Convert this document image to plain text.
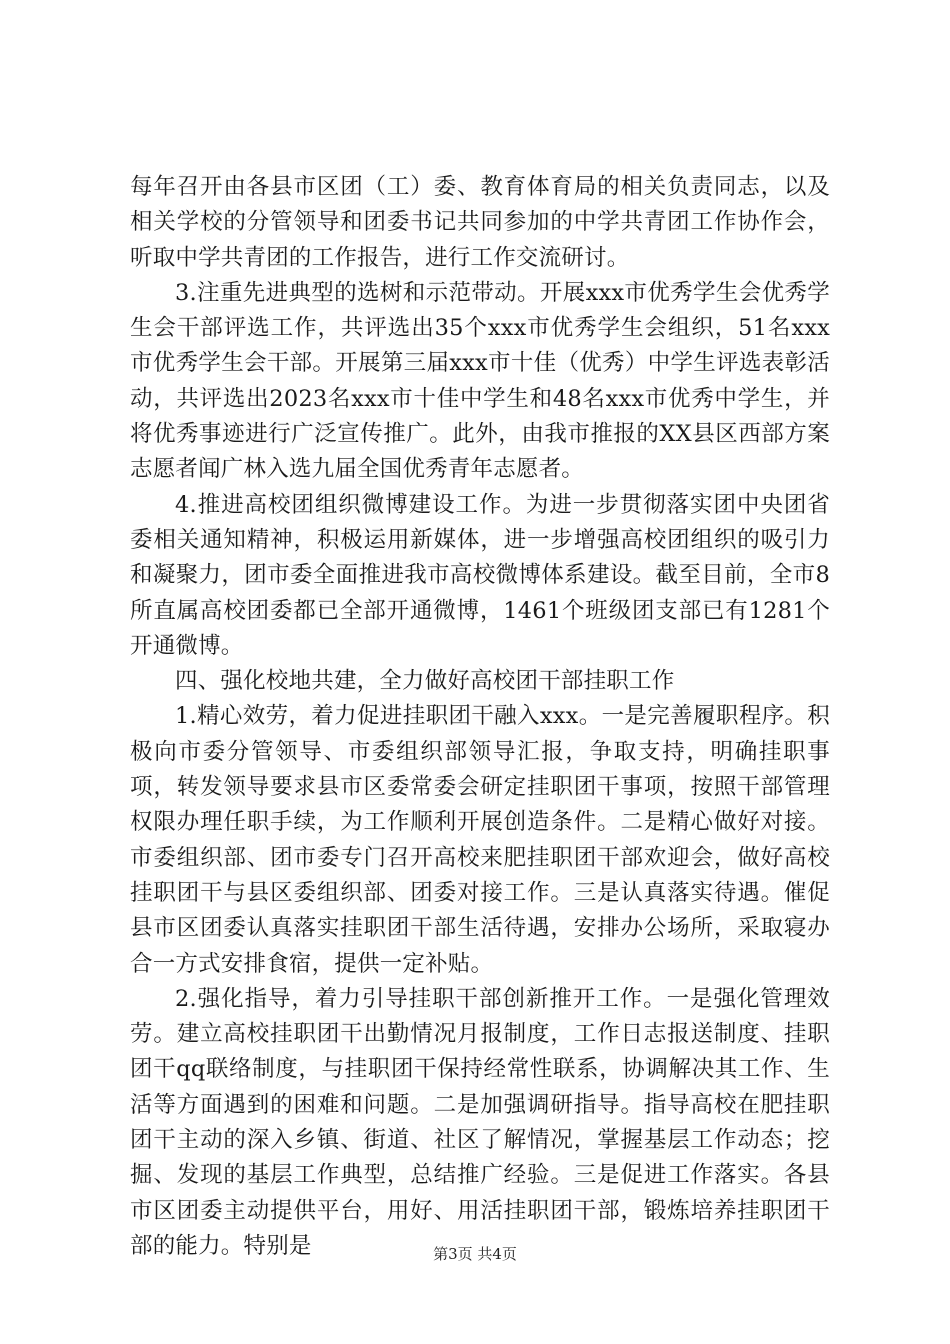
每年召开由各县市区团（工）委、教育体育局的相关负责同志，以及相关学校的分管领导和团委书记共同参加的中学共青团工作协作会，听取中学共青团的工作报告，进行工作交流研讨。

3.注重先进典型的选树和示范带动。开展xxx市优秀学生会优秀学生会干部评选工作，共评选出35个xxx市优秀学生会组织，51名xxx市优秀学生会干部。开展第三届xxx市十佳（优秀）中学生评选表彰活动，共评选出2023名xxx市十佳中学生和48名xxx市优秀中学生，并将优秀事迹进行广泛宣传推广。此外，由我市推报的XX县区西部方案志愿者闻广林入选九届全国优秀青年志愿者。

4.推进高校团组织微博建设工作。为进一步贯彻落实团中央团省委相关通知精神，积极运用新媒体，进一步增强高校团组织的吸引力和凝聚力，团市委全面推进我市高校微博体系建设。截至目前，全市8所直属高校团委都已全部开通微博，1461个班级团支部已有1281个开通微博。

四、强化校地共建，全力做好高校团干部挂职工作

1.精心效劳，着力促进挂职团干融入xxx。一是完善履职程序。积极向市委分管领导、市委组织部领导汇报，争取支持，明确挂职事项，转发领导要求县市区委常委会研定挂职团干事项，按照干部管理权限办理任职手续，为工作顺利开展创造条件。二是精心做好对接。市委组织部、团市委专门召开高校来肥挂职团干部欢迎会，做好高校挂职团干与县区委组织部、团委对接工作。三是认真落实待遇。催促县市区团委认真落实挂职团干部生活待遇，安排办公场所，采取寝办合一方式安排食宿，提供一定补贴。

2.强化指导，着力引导挂职干部创新推开工作。一是强化管理效劳。建立高校挂职团干出勤情况月报制度，工作日志报送制度、挂职团干qq联络制度，与挂职团干保持经常性联系，协调解决其工作、生活等方面遇到的困难和问题。二是加强调研指导。指导高校在肥挂职团干主动的深入乡镇、街道、社区了解情况，掌握基层工作动态；挖掘、发现的基层工作典型，总结推广经验。三是促进工作落实。各县市区团委主动提供平台，用好、用活挂职团干部，锻炼培养挂职团干部的能力。特别是	第3页 共4页
